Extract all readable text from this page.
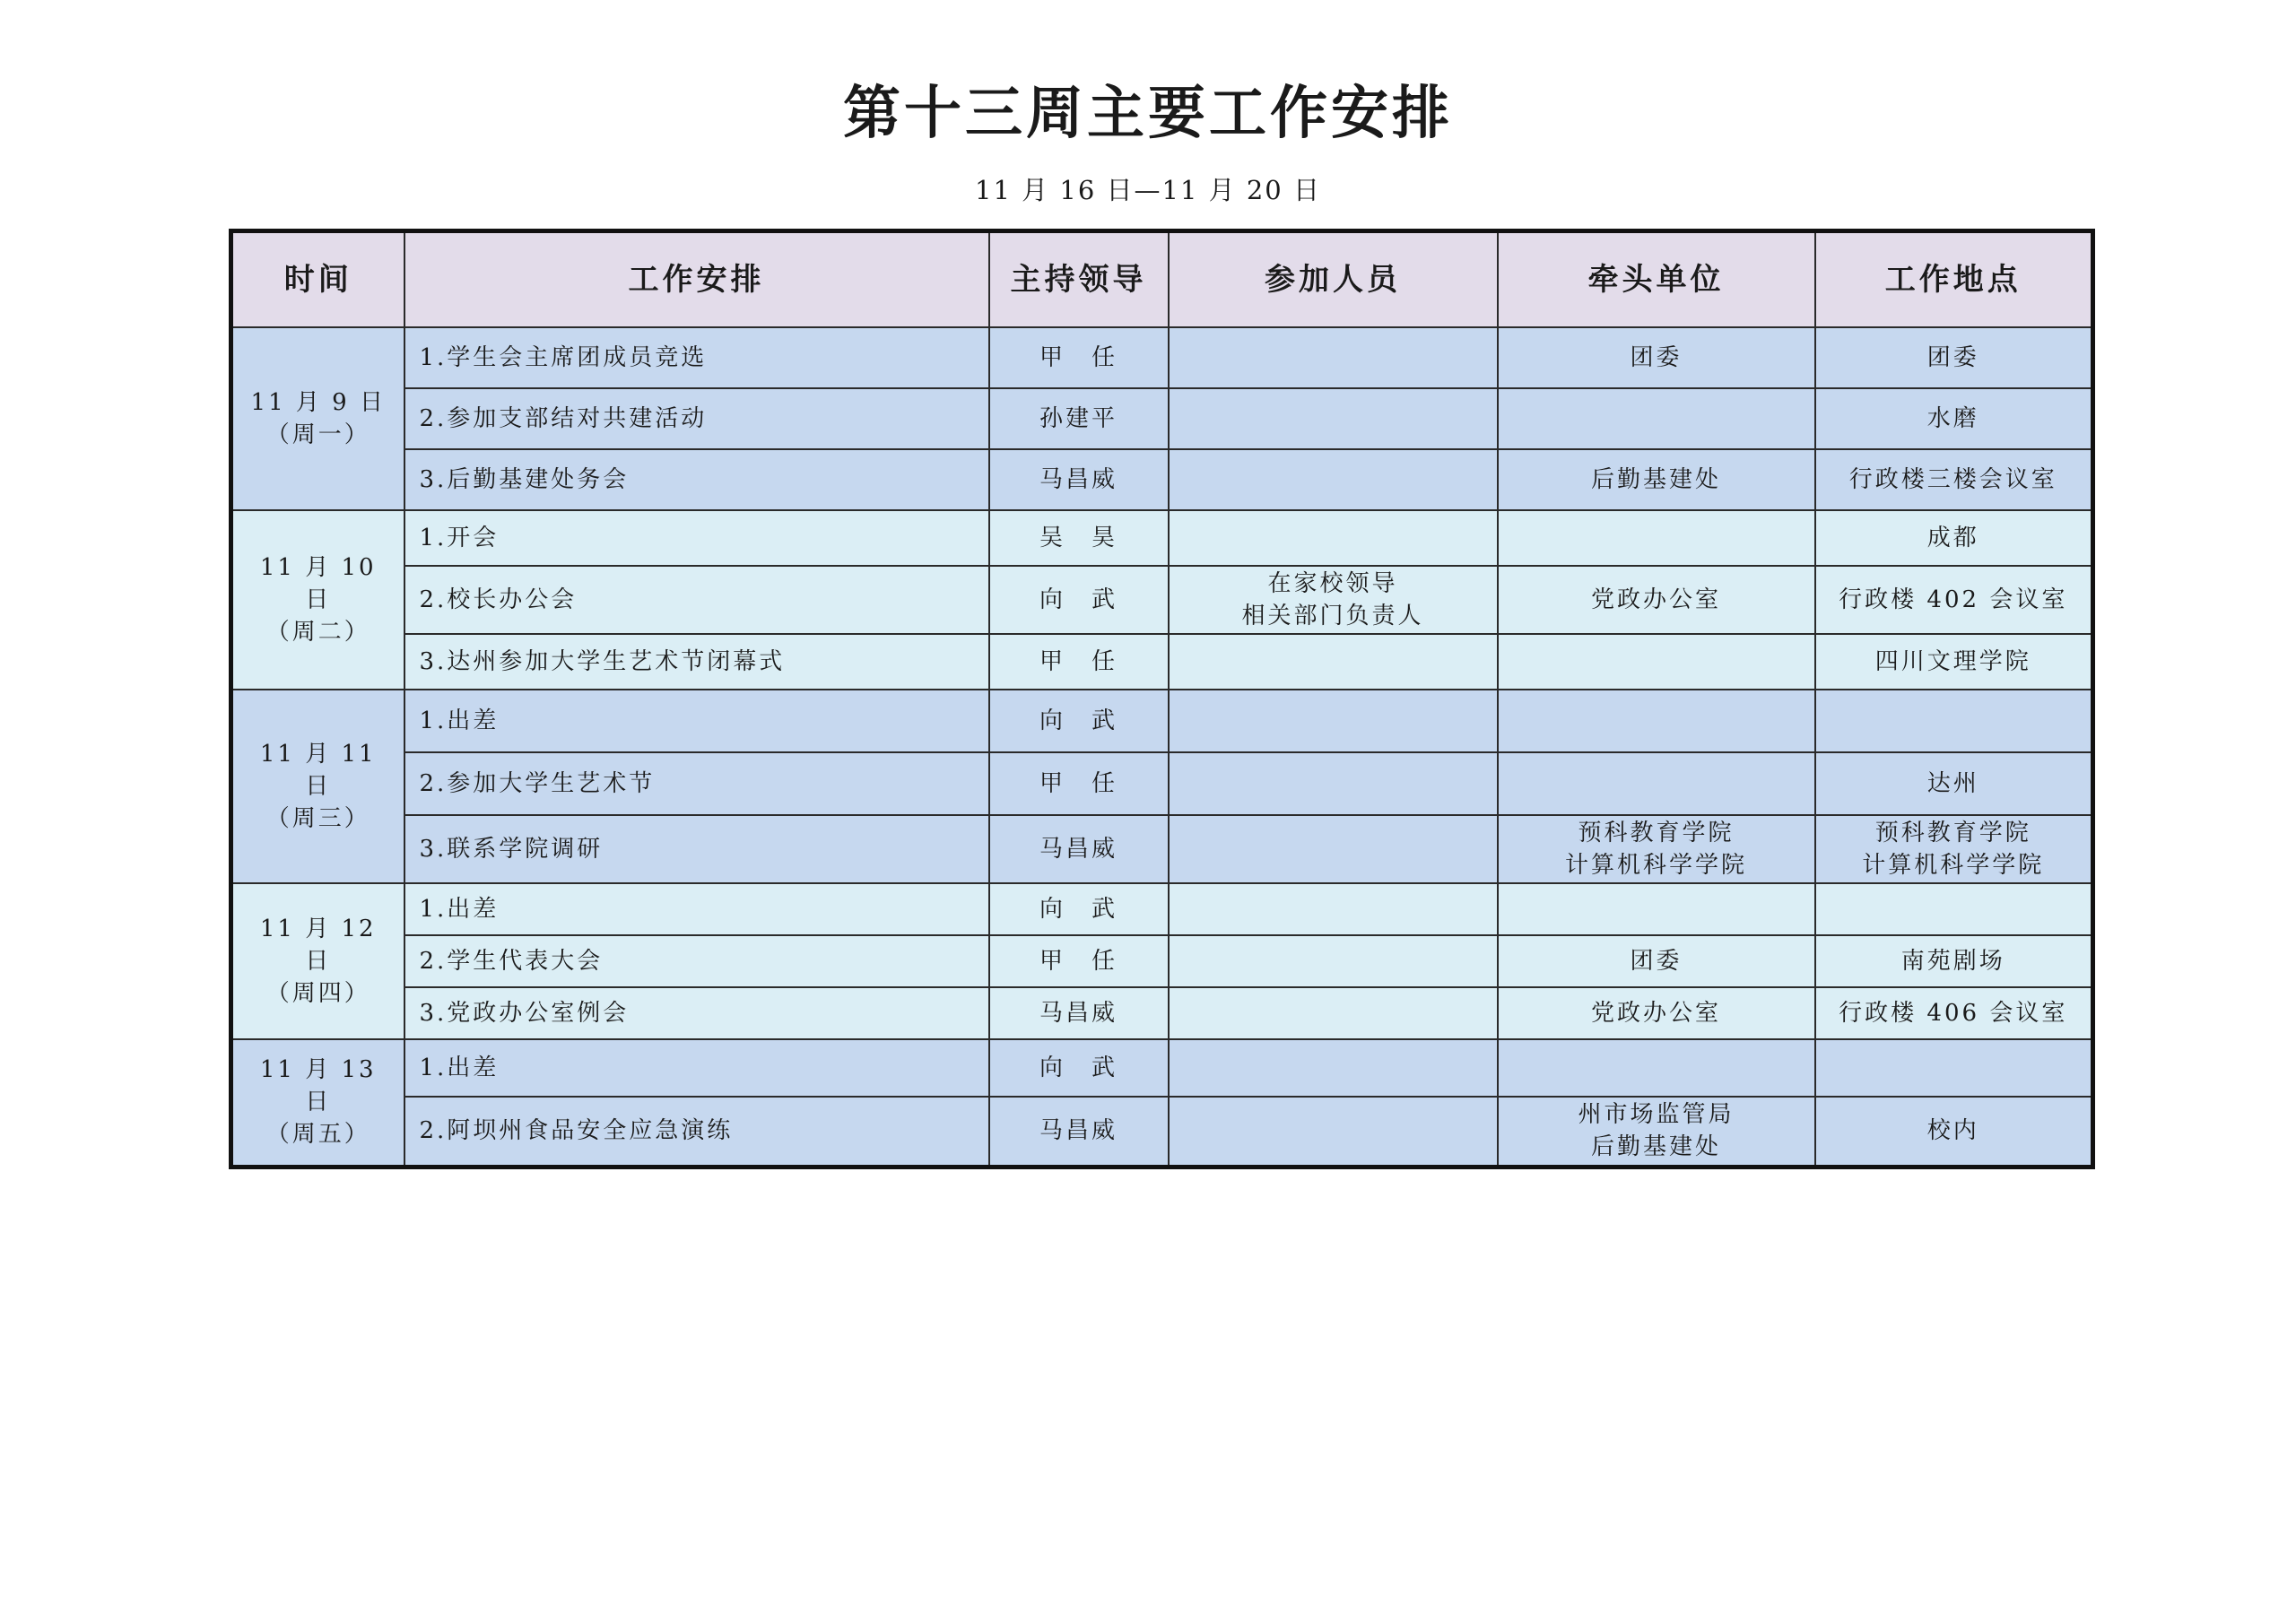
第十三周主要工作安排
11 月 16 日—11 月 20 日
时间	工作安排	主持领导	参加人员	牵头单位	工作地点

11 月 9 日
（周一）	1.学生会主席团成员竞选	甲　任		团委	团委

	2.参加支部结对共建活动	孙建平			水磨

	3.后勤基建处务会	马昌威		后勤基建处	行政楼三楼会议室

11 月 10 日
（周二）	1.开会	吴　昊			成都

	2.校长办公会	向　武	在家校领导
相关部门负责人	党政办公室	行政楼 402 会议室

	3.达州参加大学生艺术节闭幕式	甲　任			四川文理学院

11 月 11 日
（周三）	1.出差	向　武			
	2.参加大学生艺术节	甲　任			达州

	3.联系学院调研	马昌威		预科教育学院
计算机科学学院	预科教育学院
计算机科学学院

11 月 12 日
（周四）	1.出差	向　武			
	2.学生代表大会	甲　任		团委	南苑剧场

	3.党政办公室例会	马昌威		党政办公室	行政楼 406 会议室

11 月 13 日
（周五）	1.出差	向　武			
	2.阿坝州食品安全应急演练	马昌威		州市场监管局
后勤基建处	校内
